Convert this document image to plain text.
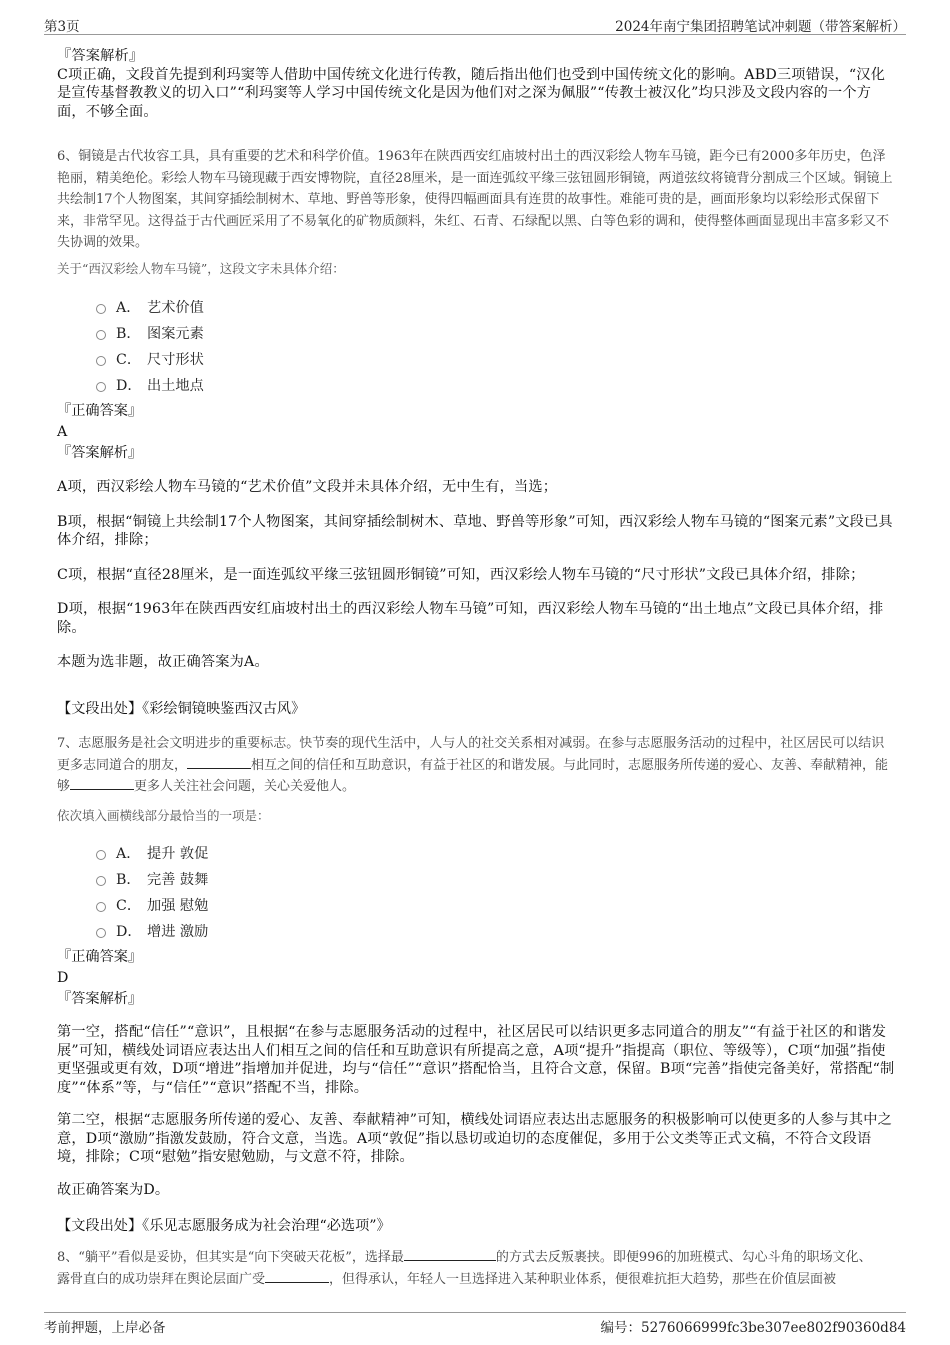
第3页	2024年南宁集团招聘笔试冲刺题（带答案解析）
『答案解析』
C项正确，文段首先提到利玛窦等人借助中国传统文化进行传教，随后指出他们也受到中国传统文化的影响。ABD三项错误，“汉化是宣传基督教教义的切入口”“利玛窦等人学习中国传统文化是因为他们对之深为佩服”“传教士被汉化”均只涉及文段内容的一个方面，不够全面。
6、铜镜是古代妆容工具，具有重要的艺术和科学价值。1963年在陕西西安红庙坡村出土的西汉彩绘人物车马镜，距今已有2000多年历史，色泽艳丽，精美绝伦。彩绘人物车马镜现藏于西安博物院，直径28厘米，是一面连弧纹平缘三弦钮圆形铜镜，两道弦纹将镜背分割成三个区域。铜镜上共绘制17个人物图案，其间穿插绘制树木、草地、野兽等形象，使得四幅画面具有连贯的故事性。难能可贵的是，画面形象均以彩绘形式保留下来，非常罕见。这得益于古代画匠采用了不易氧化的矿物质颜料，朱红、石青、石绿配以黑、白等色彩的调和，使得整体画面显现出丰富多彩又不失协调的效果。
关于“西汉彩绘人物车马镜”，这段文字未具体介绍：
A． 艺术价值
B． 图案元素
C． 尺寸形状
D． 出土地点
『正确答案』
A
『答案解析』

A项，西汉彩绘人物车马镜的“艺术价值”文段并未具体介绍，无中生有，当选；

B项，根据“铜镜上共绘制17个人物图案，其间穿插绘制树木、草地、野兽等形象”可知，西汉彩绘人物车马镜的“图案元素”文段已具体介绍，排除；

C项，根据“直径28厘米，是一面连弧纹平缘三弦钮圆形铜镜”可知，西汉彩绘人物车马镜的“尺寸形状”文段已具体介绍，排除；

D项，根据“1963年在陕西西安红庙坡村出土的西汉彩绘人物车马镜”可知，西汉彩绘人物车马镜的“出土地点”文段已具体介绍，排除。

本题为选非题，故正确答案为A。

【文段出处】《彩绘铜镜映鉴西汉古风》
7、志愿服务是社会文明进步的重要标志。快节奏的现代生活中，人与人的社交关系相对减弱。在参与志愿服务活动的过程中，社区居民可以结识更多志同道合的朋友，	相互之间的信任和互助意识，有益于社区的和谐发展。与此同时，志愿服务所传递的爱心、友善、奉献精神，能够	更多人关注社会问题，关心关爱他人。
依次填入画横线部分最恰当的一项是：
A． 提升 敦促
B． 完善 鼓舞
C． 加强 慰勉
D． 增进 激励
『正确答案』
D
『答案解析』

第一空，搭配“信任”“意识”，且根据“在参与志愿服务活动的过程中，社区居民可以结识更多志同道合的朋友”“有益于社区的和谐发展”可知，横线处词语应表达出人们相互之间的信任和互助意识有所提高之意，A项“提升”指提高（职位、等级等），C项“加强”指使更坚强或更有效，D项“增进”指增加并促进，均与“信任”“意识”搭配恰当，且符合文意，保留。B项“完善”指使完备美好，常搭配“制度”“体系”等，与“信任”“意识”搭配不当，排除。

第二空，根据“志愿服务所传递的爱心、友善、奉献精神”可知，横线处词语应表达出志愿服务的积极影响可以使更多的人参与其中之意，D项“激励”指激发鼓励，符合文意，当选。A项“敦促”指以恳切或迫切的态度催促，多用于公文类等正式文稿，不符合文段语境，排除；C项“慰勉”指安慰勉励，与文意不符，排除。

故正确答案为D。

【文段出处】《乐见志愿服务成为社会治理“必选项”》
8、“躺平”看似是妥协，但其实是“向下突破天花板”，选择最	的方式去反叛裹挟。即便996的加班模式、勾心斗角的职场文化、
露骨直白的成功崇拜在舆论层面广受	，但得承认，年轻人一旦选择进入某种职业体系，便很难抗拒大趋势，那些在价值层面被
考前押题，上岸必备	编号：5276066999fc3be307ee802f90360d84
